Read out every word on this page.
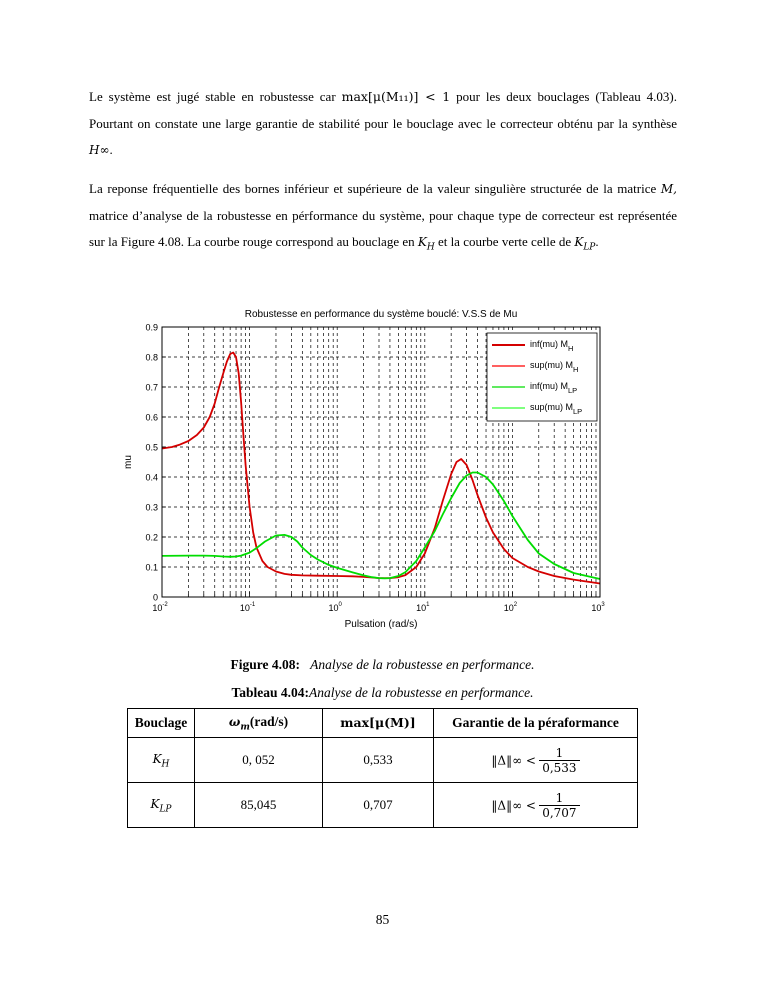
Le système est jugé stable en robustesse car max[μ(M₁₁)] < 1 pour les deux bouclages (Tableau 4.03). Pourtant on constate une large garantie de stabilité pour le bouclage avec le correcteur obténu par la synthèse H∞.

La reponse fréquentielle des bornes inférieur et supérieure de la valeur singulière structurée de la matrice M, matrice d’analyse de la robustesse en pérformance du système, pour chaque type de correcteur est représentée sur la Figure 4.08. La courbe rouge correspond au bouclage en $K_H$ et la courbe verte celle de $K_{LP}$.

0
0.1
0.2
0.3
0.4
0.5
0.6
0.7
0.8
0.9
$10^{-2}$	$10^{-1}$	$10^0$	$10^1$	$10^2$	$10^3$
Robustesse en performance du système bouclé: V.S.S de Mu
Pulsation (rad/s)
mu
inf(mu) $M_H$
sup(mu) $M_H$
inf(mu) $M_{LP}$
sup(mu) $M_{LP}$
Figure 4.08: Analyse de la robustesse en performance.
Tableau 4.04:Analyse de la robustesse en performance.
Bouclage	$\omega_m(rad/s)$	max[μ(M)]	Garantie de la péraformance
$K_H$	0, 052	0,533	‖Δ‖∞ < $\frac{1}{0,533}$

$K_{LP}$	85,045	0,707	‖Δ‖∞ < $\frac{1}{0,707}$
85
